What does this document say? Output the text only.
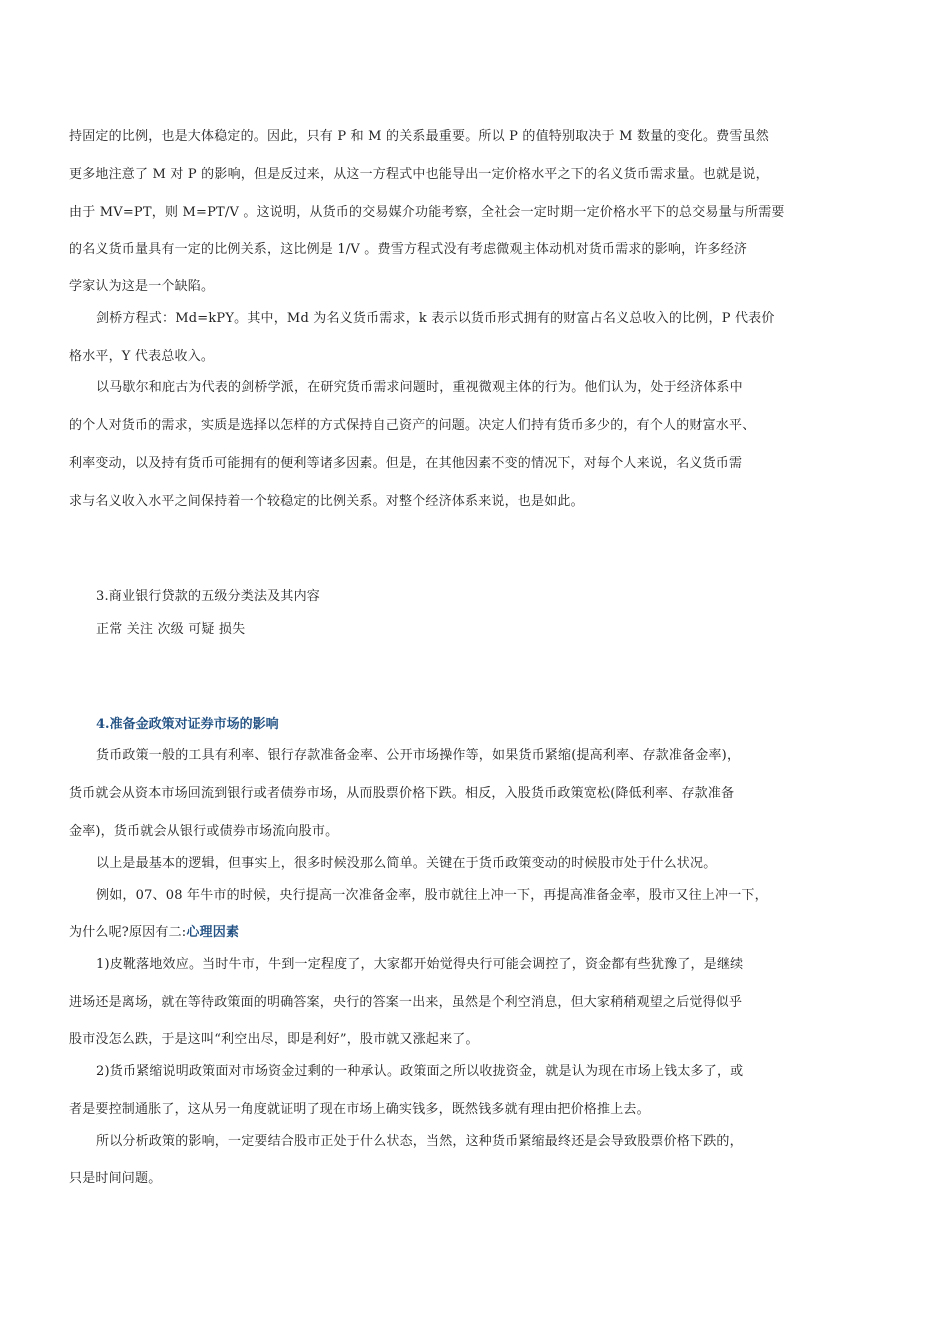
持固定的比例，也是大体稳定的。因此，只有 P 和 M 的关系最重要。所以 P 的值特别取决于 M 数量的变化。费雪虽然
更多地注意了 M 对 P 的影响，但是反过来，从这一方程式中也能导出一定价格水平之下的名义货币需求量。也就是说，
由于 MV=PT，则 M=PT/V 。这说明，从货币的交易媒介功能考察，全社会一定时期一定价格水平下的总交易量与所需要
的名义货币量具有一定的比例关系，这比例是 1/V 。费雪方程式没有考虑微观主体动机对货币需求的影响，许多经济
学家认为这是一个缺陷。
剑桥方程式：Md=kPY。其中，Md 为名义货币需求，k 表示以货币形式拥有的财富占名义总收入的比例，P 代表价
格水平，Y 代表总收入。
以马歇尔和庇古为代表的剑桥学派，在研究货币需求问题时，重视微观主体的行为。他们认为，处于经济体系中
的个人对货币的需求，实质是选择以怎样的方式保持自己资产的问题。决定人们持有货币多少的，有个人的财富水平、
利率变动，以及持有货币可能拥有的便利等诸多因素。但是，在其他因素不变的情况下，对每个人来说，名义货币需
求与名义收入水平之间保持着一个较稳定的比例关系。对整个经济体系来说，也是如此。
3.商业银行贷款的五级分类法及其内容
正常 关注 次级 可疑 损失
4.准备金政策对证券市场的影响
货币政策一般的工具有利率、银行存款准备金率、公开市场操作等，如果货币紧缩(提高利率、存款准备金率)，
货币就会从资本市场回流到银行或者债券市场，从而股票价格下跌。相反，入股货币政策宽松(降低利率、存款准备
金率)，货币就会从银行或债券市场流向股市。
以上是最基本的逻辑，但事实上，很多时候没那么简单。关键在于货币政策变动的时候股市处于什么状况。
例如，07、08 年牛市的时候，央行提高一次准备金率，股市就往上冲一下，再提高准备金率，股市又往上冲一下，
为什么呢?原因有二:心理因素
1)皮靴落地效应。当时牛市，牛到一定程度了，大家都开始觉得央行可能会调控了，资金都有些犹豫了，是继续
进场还是离场，就在等待政策面的明确答案，央行的答案一出来，虽然是个利空消息，但大家稍稍观望之后觉得似乎
股市没怎么跌，于是这叫“利空出尽，即是利好”，股市就又涨起来了。
2)货币紧缩说明政策面对市场资金过剩的一种承认。政策面之所以收拢资金，就是认为现在市场上钱太多了，或
者是要控制通胀了，这从另一角度就证明了现在市场上确实钱多，既然钱多就有理由把价格推上去。
所以分析政策的影响，一定要结合股市正处于什么状态，当然，这种货币紧缩最终还是会导致股票价格下跌的，
只是时间问题。
